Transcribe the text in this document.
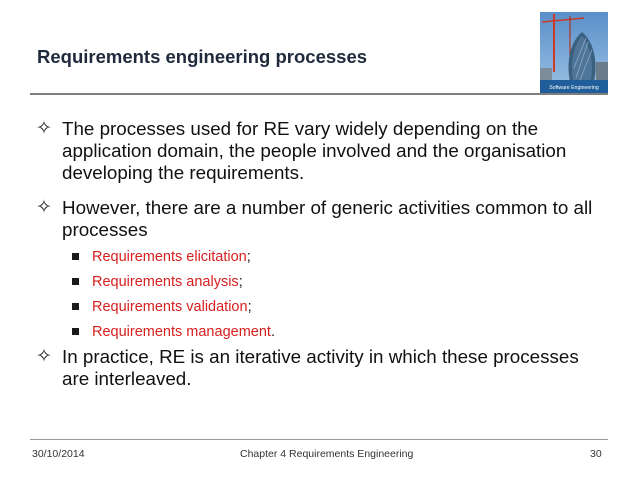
Requirements engineering processes
Software Engineering
✧ The processes used for RE vary widely depending on the application domain, the people involved and the organisation developing the requirements.
✧ However, there are a number of generic activities common to all processes
Requirements elicitation;
Requirements analysis;
Requirements validation;
Requirements management.
✧ In practice, RE is an iterative activity in which these processes are interleaved.
30/10/2014	Chapter 4 Requirements Engineering	30
